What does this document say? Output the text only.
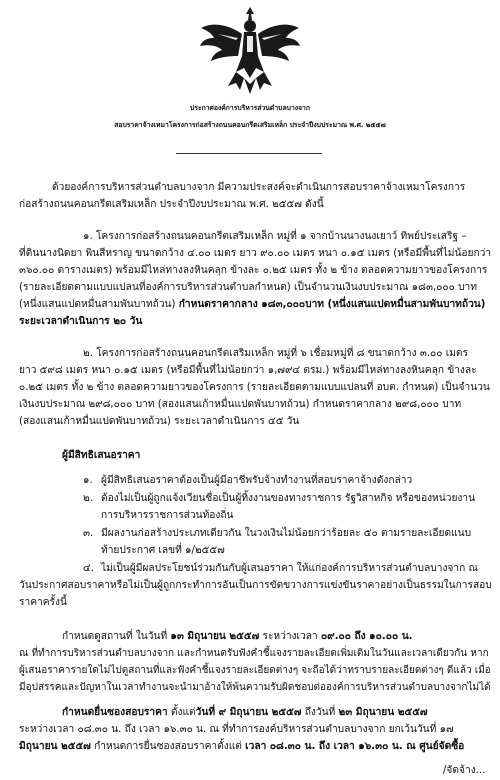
ประกาศองค์การบริหารส่วนตำบลบางจาก
สอบราคาจ้างเหมาโครงการก่อสร้างถนนคอนกรีตเสริมเหล็ก ประจำปีงบประมาณ พ.ศ. ๒๕๕๗
ด้วยองค์การบริหารส่วนตำบลบางจาก มีความประสงค์จะดำเนินการสอบราคาจ้างเหมาโครงการ
ก่อสร้างถนนคอนกรีตเสริมเหล็ก ประจำปีงบประมาณ พ.ศ. ๒๕๕๗ ดังนี้
๑. โครงการก่อสร้างถนนคอนกรีตเสริมเหล็ก หมู่ที่ ๑ จากบ้านนางนงเยาว์ ทิพย์ประเสริฐ –
ที่ดินนางนิดยา พินสีหราญ ขนาดกว้าง ๔.๐๐ เมตร ยาว ๙๐.๐๐ เมตร หนา ๐.๑๕ เมตร (หรือมีพื้นที่ไม่น้อยกว่า
๓๖๐.๐๐ ตารางเมตร) พร้อมมีไหล่ทางลงหินคลุก ข้างละ ๐.๒๕ เมตร ทั้ง ๒ ข้าง ตลอดความยาวของโครงการ
(รายละเอียดตามแบบแปลนที่องค์การบริหารส่วนตำบลกำหนด) เป็นจำนวนเงินงบประมาณ ๑๘๓,๐๐๐ บาท
(หนึ่งแสนแปดหมื่นสามพันบาทถ้วน) กำหนดราคากลาง ๑๘๓,๐๐๐บาท (หนึ่งแสนแปดหมื่นสามพันบาทถ้วน)
ระยะเวลาดำเนินการ ๒๐ วัน
๒. โครงการก่อสร้างถนนคอนกรีตเสริมเหล็ก หมู่ที่ ๖ เชื่อมหมู่ที่ ๘ ขนาดกว้าง ๓.๐๐ เมตร
ยาว ๕๙๘ เมตร หนา ๐.๑๕ เมตร (หรือมีพื้นที่ไม่น้อยกว่า ๑,๗๙๔ ตรม.) พร้อมมีไหล่ทางลงหินคลุก ข้างละ
๐.๒๕ เมตร ทั้ง ๒ ข้าง ตลอดความยาวของโครงการ (รายละเอียดตามแบบแปลนที่ อบต. กำหนด) เป็นจำนวน
เงินงบประมาณ ๒๙๘,๐๐๐ บาท (สองแสนเก้าหมื่นแปดพันบาทถ้วน) กำหนดราคากลาง ๒๙๘,๐๐๐ บาท
(สองแสนเก้าหมื่นแปดพันบาทถ้วน) ระยะเวลาดำเนินการ ๔๕ วัน
ผู้มีสิทธิเสนอราคา
๑. ผู้มีสิทธิเสนอราคาต้องเป็นผู้มีอาชีพรับจ้างทำงานที่สอบราคาจ้างดังกล่าว
๒. ต้องไม่เป็นผู้ถูกแจ้งเวียนชื่อเป็นผู้ทิ้งงานของทางราชการ รัฐวิสาหกิจ หรือของหน่วยงาน
การบริหารราชการส่วนท้องถิ่น
๓. มีผลงานก่อสร้างประเภทเดียวกัน ในวงเงินไม่น้อยกว่าร้อยละ ๕๐ ตามรายละเอียดแนบ
ท้ายประกาศ เลขที่ ๑/๒๕๕๗
๔. ไม่เป็นผู้มีผลประโยชน์ร่วมกันกับผู้เสนอราคา ให้แก่องค์การบริหารส่วนตำบลบางจาก ณ
วันประกาศสอบราคาหรือไม่เป็นผู้ถูกกระทำการอันเป็นการขัดขวางการแข่งขันราคาอย่างเป็นธรรมในการสอบ
ราคาครั้งนี้
กำหนดดูสถานที่ ในวันที่ ๑๓ มิถุนายน ๒๕๕๗ ระหว่างเวลา ๐๙.๐๐ ถึง ๑๐.๐๐ น.
ณ ที่ทำการบริหารส่วนตำบลบางจาก และกำหนดรับฟังคำชี้แจงรายละเอียดเพิ่มเติมในวันและเวลาเดียวกัน หาก
ผู้เสนอราคารายใดไม่ไปดูสถานที่และฟังคำชี้แจงรายละเอียดต่างๆ จะถือได้ว่าทราบรายละเอียดต่างๆ ดีแล้ว เมื่อ
มีอุปสรรคและปัญหาในเวลาทำงานจะนำมาอ้างให้พ้นความรับผิดชอบต่อองค์การบริหารส่วนตำบลบางจากไม่ได้
กำหนดยื่นซองสอบราคา ตั้งแต่วันที่ ๙ มิถุนายน ๒๕๕๗ ถึงวันที่ ๒๓ มิถุนายน ๒๕๕๗
ระหว่างเวลา ๐๘.๓๐ น. ถึง เวลา ๑๖.๓๐ น. ณ ที่ทำการองค์บริหารส่วนตำบลบางจาก ยกเว้นวันที่ ๑๗
มิถุนายน ๒๕๕๗ กำหนดการยื่นซองสอบราคาตั้งแต่ เวลา ๐๘.๓๐ น. ถึง เวลา ๑๖.๓๐ น. ณ ศูนย์จัดซื้อ
/จัดจ้าง...
